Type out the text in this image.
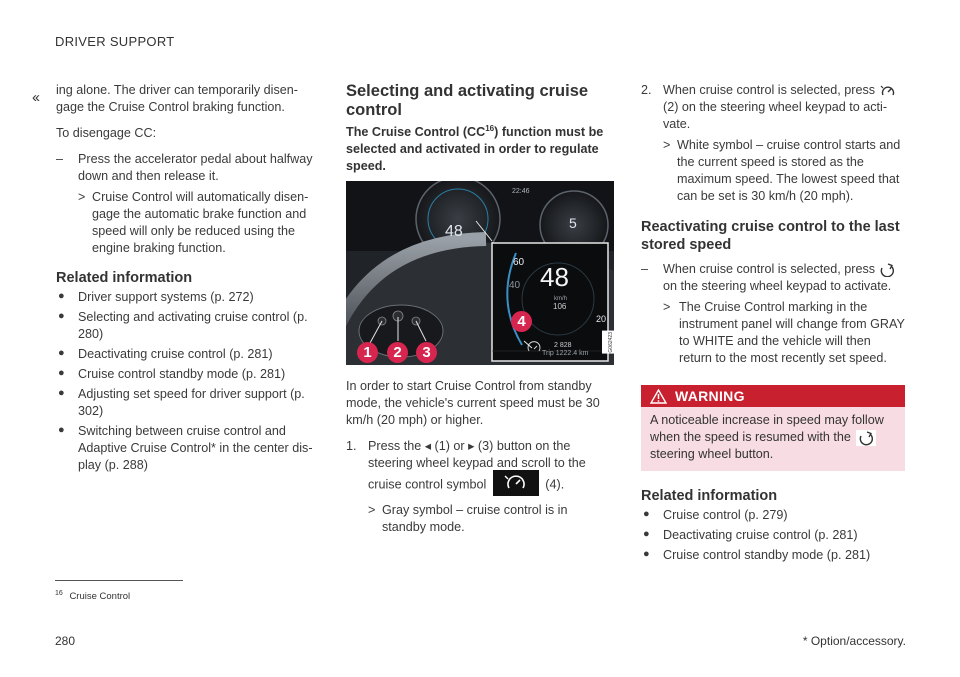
DRIVER SUPPORT
‹‹ ing alone. The driver can temporarily disengage the Cruise Control braking function.

To disengage CC:

– Press the accelerator pedal about halfway down and then release it.
> Cruise Control will automatically disengage the automatic brake function and speed will only be reduced using the engine braking function.
Related information
● Driver support systems (p. 272)
● Selecting and activating cruise control (p. 280)
● Deactivating cruise control (p. 281)
● Cruise control standby mode (p. 281)
● Adjusting set speed for driver support (p. 302)
● Switching between cruise control and Adaptive Cruise Control* in the center display (p. 288)
Selecting and activating cruise control

The Cruise Control (CC$^{16}$) function must be selected and activated in order to regulate speed.

48	5
22:46
20
60
40 48
km/h
106
2 828
Trip 1222.4 km
G062423
1	2	3
4

In order to start Cruise Control from standby mode, the vehicle's current speed must be 30 km/h (20 mph) or higher.

1. Press the ◂ (1) or ▸ (3) button on the steering wheel keypad and scroll to the cruise control symbol	(4).
> Gray symbol – cruise control is in standby mode.
2. When cruise control is selected, press  (2) on the steering wheel keypad to activate.
> White symbol – cruise control starts and the current speed is stored as the maximum speed. The lowest speed that can be set is 30 km/h (20 mph).
Reactivating cruise control to the last stored speed
– When cruise control is selected, press  on the steering wheel keypad to activate.
> The Cruise Control marking in the instrument panel will change from GRAY to WHITE and the vehicle will then return to the most recently set speed.
WARNING
A noticeable increase in speed may follow when the speed is resumed with the  steering wheel button.
Related information
● Cruise control (p. 279)
● Deactivating cruise control (p. 281)
● Cruise control standby mode (p. 281)
$^{16}$ Cruise Control
280	* Option/accessory.
